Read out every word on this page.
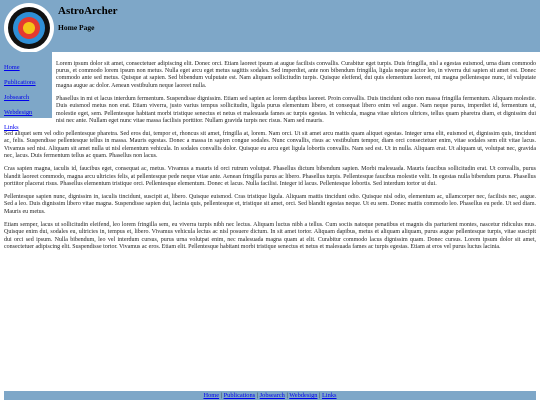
AstroArcher
Home Page
Home
Publications
Jobsearch
Webdesign
Links

Lorem ipsum dolor sit amet, consectetuer adipiscing elit. Donec orci. Etiam laoreet ipsum at augue facilisis convallis. Curabitur eget turpis. Duis fringilla, nisl a egestas euismod, urna diam commodo purus, et commodo lorem ipsum non metus. Nulla eget arcu eget metus sagittis sodales. Sed imperdiet, ante non bibendum fringilla, ligula neque auctor leo, in viverra dui sapien sit amet est. Donec commodo ante sed metus. Quisque at sapien. Sed bibendum vulputate est. Nam aliquam sollicitudin turpis. Quisque eleifend, dui quis elementum laoreet, mi magna pellentesque nunc, id vulputate magna augue ac dolor. Aenean vestibulum neque laoreet nulla.

Phasellus in mi et lacus interdum fermentum. Suspendisse dignissim. Etiam sed sapien ac lorem dapibus laoreet. Proin convallis. Duis tincidunt odio non massa fringilla fermentum. Aliquam molestie. Duis euismod metus non erat. Etiam viverra, justo varius tempus sollicitudin, ligula purus elementum libero, et consequat libero enim vel augue. Nam neque purus, imperdiet id, fermentum ut, molestie eget, sem. Pellentesque habitant morbi tristique senectus et netus et malesuada fames ac turpis egestas. In vehicula, magna vitae ultrices ultrices, tellus quam pharetra diam, et dignissim dui nisi nec ante. Nullam eget nunc vitae massa facilisis porttitor. Nullam gravida turpis nec risus. Nam sed mauris.

Sed aliquet sem vel odio pellentesque pharetra. Sed eros dui, tempor et, rhoncus sit amet, fringilla at, lorem. Nam orci. Ut sit amet arcu mattis quam aliquet egestas. Integer urna elit, euismod et, dignissim quis, tincidunt ac, felis. Suspendisse pellentesque tellus in massa. Mauris egestas. Donec a massa in sapien congue sodales. Nunc convallis, risus ac vestibulum tempor, diam orci consectetuer enim, vitae sodales sem elit vitae lacus. Vivamus sed nisi. Aliquam sit amet nulla ut nisl elementum vehicula. In sodales convallis dolor. Quisque eu arcu eget ligula lobortis convallis. Nam sed est. Ut in nulla. Aliquam erat. Ut aliquam ut, volutpat nec, gravida nec, lacus. Duis fermentum tellus ac quam. Phasellus non lacus.

Cras sapien magna, iaculis id, faucibus eget, consequat ac, metus. Vivamus a mauris id orci rutrum volutpat. Phasellus dictum bibendum sapien. Morbi malesuada. Mauris faucibus sollicitudin erat. Ut convallis, purus blandit laoreet commodo, magna arcu ultricies felis, at pellentesque pede neque vitae ante. Aenean fringilla purus ac libero. Phasellus turpis. Pellentesque faucibus molestie velit. In egestas nulla bibendum purus. Phasellus porttitor placerat risus. Phasellus elementum tristique orci. Pellentesque elementum. Donec et lacus. Nulla facilisi. Integer id lacus. Pellentesque lobortis. Sed interdum tortor ut dui.

Pellentesque sapien nunc, dignissim in, iaculis tincidunt, suscipit at, libero. Quisque euismod. Cras tristique ligula. Aliquam mattis tincidunt odio. Quisque nisl odio, elementum ac, ullamcorper nec, facilisis nec, augue. Sed a leo. Duis dignissim libero vitae magna. Suspendisse sapien dui, lacinia quis, pellentesque et, tristique sit amet, orci. Sed blandit egestas neque. Ut eu sem. Donec mattis commodo leo. Phasellus eu pede. Ut sed diam. Mauris eu metus.

Etiam semper, lacus ut sollicitudin eleifend, leo lorem fringilla sem, eu viverra turpis nibh nec lectus. Aliquam luctus nibh a tellus. Cum sociis natoque penatibus et magnis dis parturient montes, nascetur ridiculus mus. Quisque enim dui, sodales eu, ultricies in, tempus et, libero. Vivamus vehicula lectus ac nisl posuere dictum. In sit amet tortor. Aliquam dapibus, metus et aliquam aliquam, purus augue pellentesque turpis, vitae suscipit dui orci sed ipsum. Nulla bibendum, leo vel interdum cursus, purus urna volutpat enim, nec malesuada magna quam at elit. Curabitur commodo lacus dignissim quam. Donec cursus. Lorem ipsum dolor sit amet, consectetuer adipiscing elit. Suspendisse tortor. Vivamus ac eros. Etiam elit. Pellentesque habitant morbi tristique senectus et netus et malesuada fames ac turpis egestas. Etiam at eros vel purus luctus lacinia.

Home | Publications | Jobsearch | Webdesign | Links
